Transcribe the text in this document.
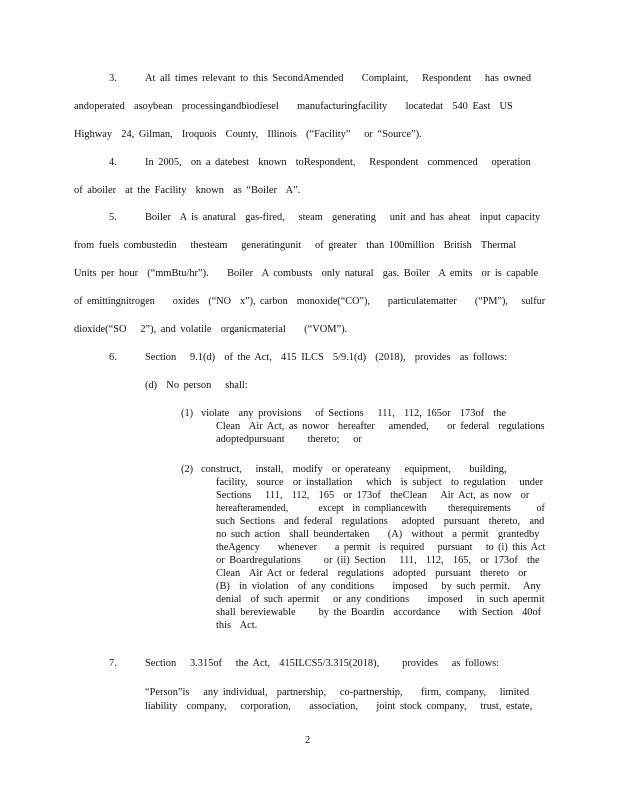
3.	At all times relevant to this SecondAmended    Complaint,   Respondent   has owned
andoperated  asoybean  processingandbiodiesel    manufacturingfacility    locatedat  540 East  US
Highway  24, Gilman,  Iroquois  County,  Illinois  (“Facility”   or “Source”).
4.	In 2005,  on a datebest  known  toRespondent,   Respondent  commenced   operation
of aboiler  at the Facility  known  as “Boiler  A”.
5.	Boiler  A is anatural  gas-fired,   steam  generating   unit and has aheat  input capacity
from fuels combustedin   thesteam   generatingunit   of greater  than 100million  British  Thermal
Units per hour  (“mmBtu/hr”).    Boiler  A combusts  only natural  gas. Boiler  A emits  or is capable
of emittingnitrogen    oxides  (“NO  x”), carbon  monoxide(“CO”),    particulatematter    (“PM”),   sulfur
dioxide(“SO   2”), and volatile  organicmaterial    (“VOM”).
6.	Section   9.1(d)  of the Act,  415 ILCS  5/9.1(d)  (2018),  provides  as follows:
(d)  No person   shall:
(1) violate  any provisions   of Sections   111,  112, 165or  173of  the
Clean  Air Act, as nowor  hereafter   amended,    or federal  regulations
adoptedpursuant     thereto;   or
(2) construct,   install,  modify  or operateany   equipment,    building,
facility,  source  or installation   which  is subject  to regulation   under
Sections   111,  112,  165  or 173of  theClean   Air Act, as now  or
hereafteramended,       except  in compliancewith     therequirements      of
such Sections  and federal  regulations   adopted  pursuant  thereto,  and
no such action  shall beundertaken    (A)  without  a permit  grantedby
theAgency    whenever    a permit  is required   pursuant   to (i) this Act
or Boardregulations     or (ii) Section   111,  112,  165,  or 173of  the
Clean  Air Act or federal  regulations  adopted  pursuant  thereto  or
(B)  in violation  of any conditions    imposed   by such permit.   Any
denial  of such apermit   or any conditions    imposed   in such apermit
shall bereviewable     by the Boardin  accordance    with Section  40of
this  Act.
7.	Section   3.315of   the Act,  415ILCS5/3.315(2018),     provides   as follows:
“Person”is   any individual,  partnership,   co-partnership,    firm, company,   limited
liability  company,   corporation,    association,    joint stock company,   trust, estate,
2
